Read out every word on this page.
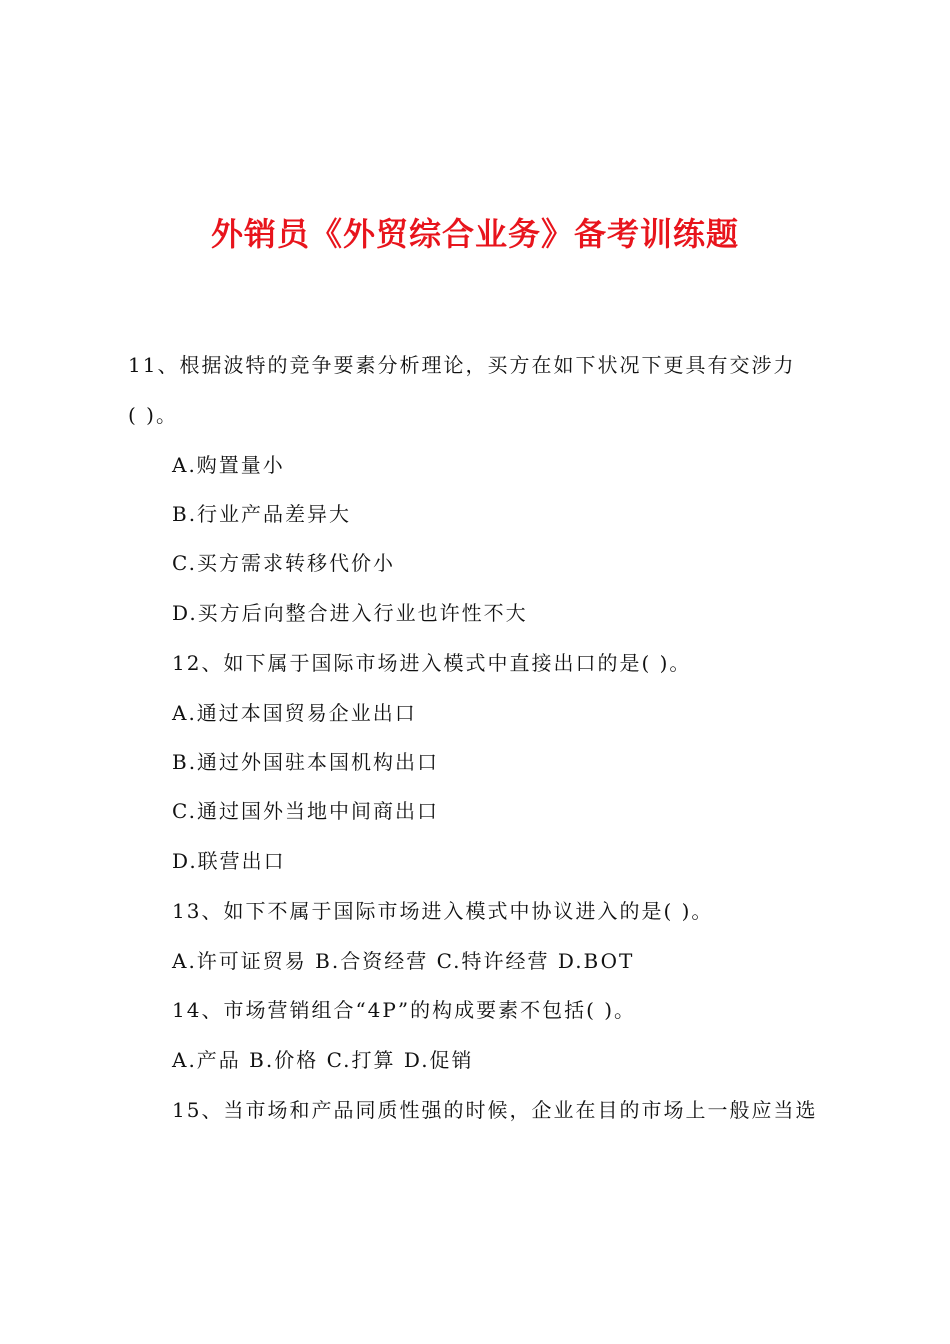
外销员《外贸综合业务》备考训练题
11、根据波特的竞争要素分析理论，买方在如下状况下更具有交涉力
( )。
A.购置量小
B.行业产品差异大
C.买方需求转移代价小
D.买方后向整合进入行业也许性不大
12、如下属于国际市场进入模式中直接出口的是( )。
A.通过本国贸易企业出口
B.通过外国驻本国机构出口
C.通过国外当地中间商出口
D.联营出口
13、如下不属于国际市场进入模式中协议进入的是( )。
A.许可证贸易 B.合资经营 C.特许经营 D.BOT
14、市场营销组合“4P”的构成要素不包括( )。
A.产品 B.价格 C.打算 D.促销
15、当市场和产品同质性强的时候，企业在目的市场上一般应当选
